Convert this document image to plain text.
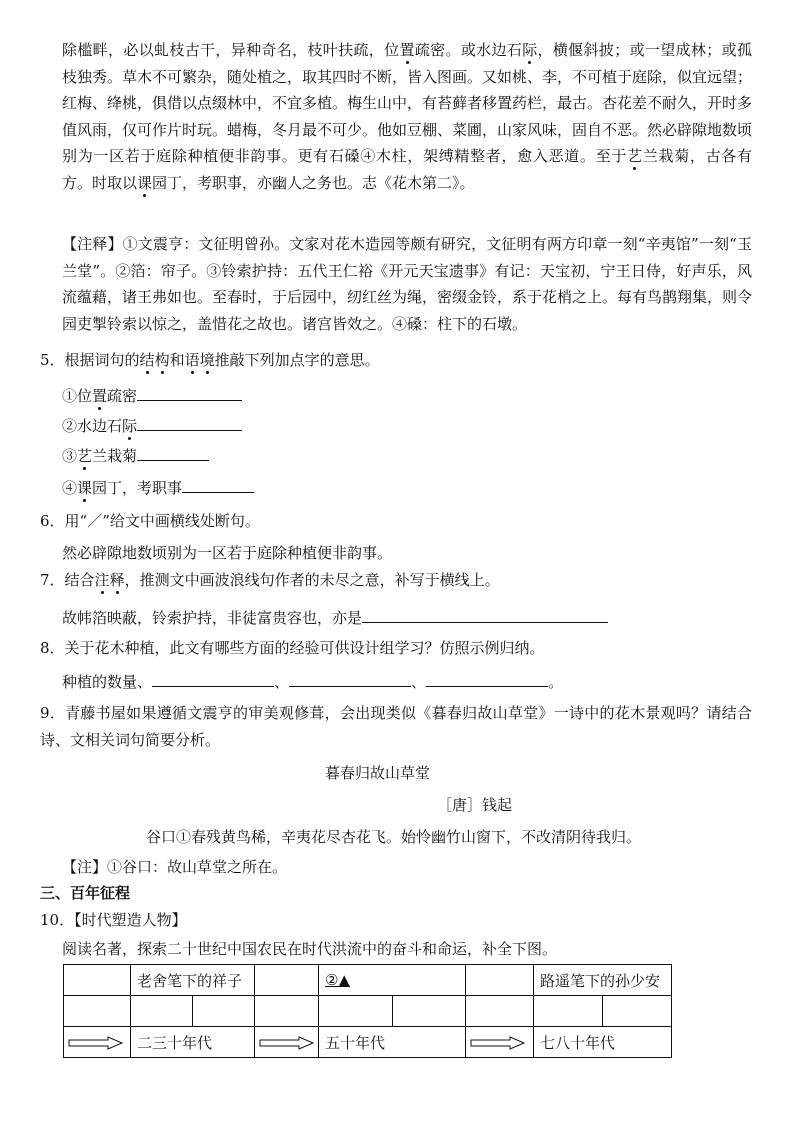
除槛畔，必以虬枝古干，异种奇名，枝叶扶疏，位置疏密。或水边石际，横偃斜披；或一望成林；或孤枝独秀。草木不可繁杂，随处植之，取其四时不断，皆入图画。又如桃、李，不可植于庭除，似宜远望；红梅、绛桃，俱借以点缀林中，不宜多植。梅生山中，有苔藓者移置药栏，最古。杏花差不耐久，开时多值风雨，仅可作片时玩。蜡梅，冬月最不可少。他如豆棚、菜圃，山家风味，固自不恶。然必辟隙地数顷别为一区若于庭除种植便非韵事。更有石磉④木柱，架缚精整者，愈入恶道。至于艺兰栽菊，古各有方。时取以课园丁，考职事，亦幽人之务也。志《花木第二》。

【注释】①文震亨：文征明曾孙。文家对花木造园等颇有研究，文征明有两方印章一刻“辛夷馆”一刻“玉兰堂”。②箔：帘子。③铃索护持：五代王仁裕《开元天宝遗事》有记：天宝初，宁王日侍，好声乐，风流蕴藉，诸王弗如也。至春时，于后园中，纫红丝为绳，密缀金铃，系于花梢之上。每有鸟鹊翔集，则令园吏掣铃索以惊之，盖惜花之故也。诸宫皆效之。④磉：柱下的石墩。

5．根据词句的结构和语境推敲下列加点字的意思。
①位置疏密
②水边石际
③艺兰栽菊
④课园丁，考职事
6．用“／”给文中画横线处断句。
然必辟隙地数顷别为一区若于庭除种植便非韵事。
7．结合注释，推测文中画波浪线句作者的未尽之意，补写于横线上。
故帏箔映蔽，铃索护持，非徒富贵容也，亦是
8．关于花木种植，此文有哪些方面的经验可供设计组学习？仿照示例归纳。
种植的数量、	、	、	。

9．青藤书屋如果遵循文震亨的审美观修葺，会出现类似《暮春归故山草堂》一诗中的花木景观吗？请结合诗、文相关词句简要分析。

暮春归故山草堂
［唐］钱起
谷口①春残黄鸟稀，辛夷花尽杏花飞。始怜幽竹山窗下，不改清阴待我归。
【注】①谷口：故山草堂之所在。
三、百年征程
10．【时代塑造人物】
阅读名著，探索二十世纪中国农民在时代洪流中的奋斗和命运，补全下图。
	老舍笔下的祥子			②▲			路遥笔下的孙少安	

	二三十年代			五十年代			七八十年代	
